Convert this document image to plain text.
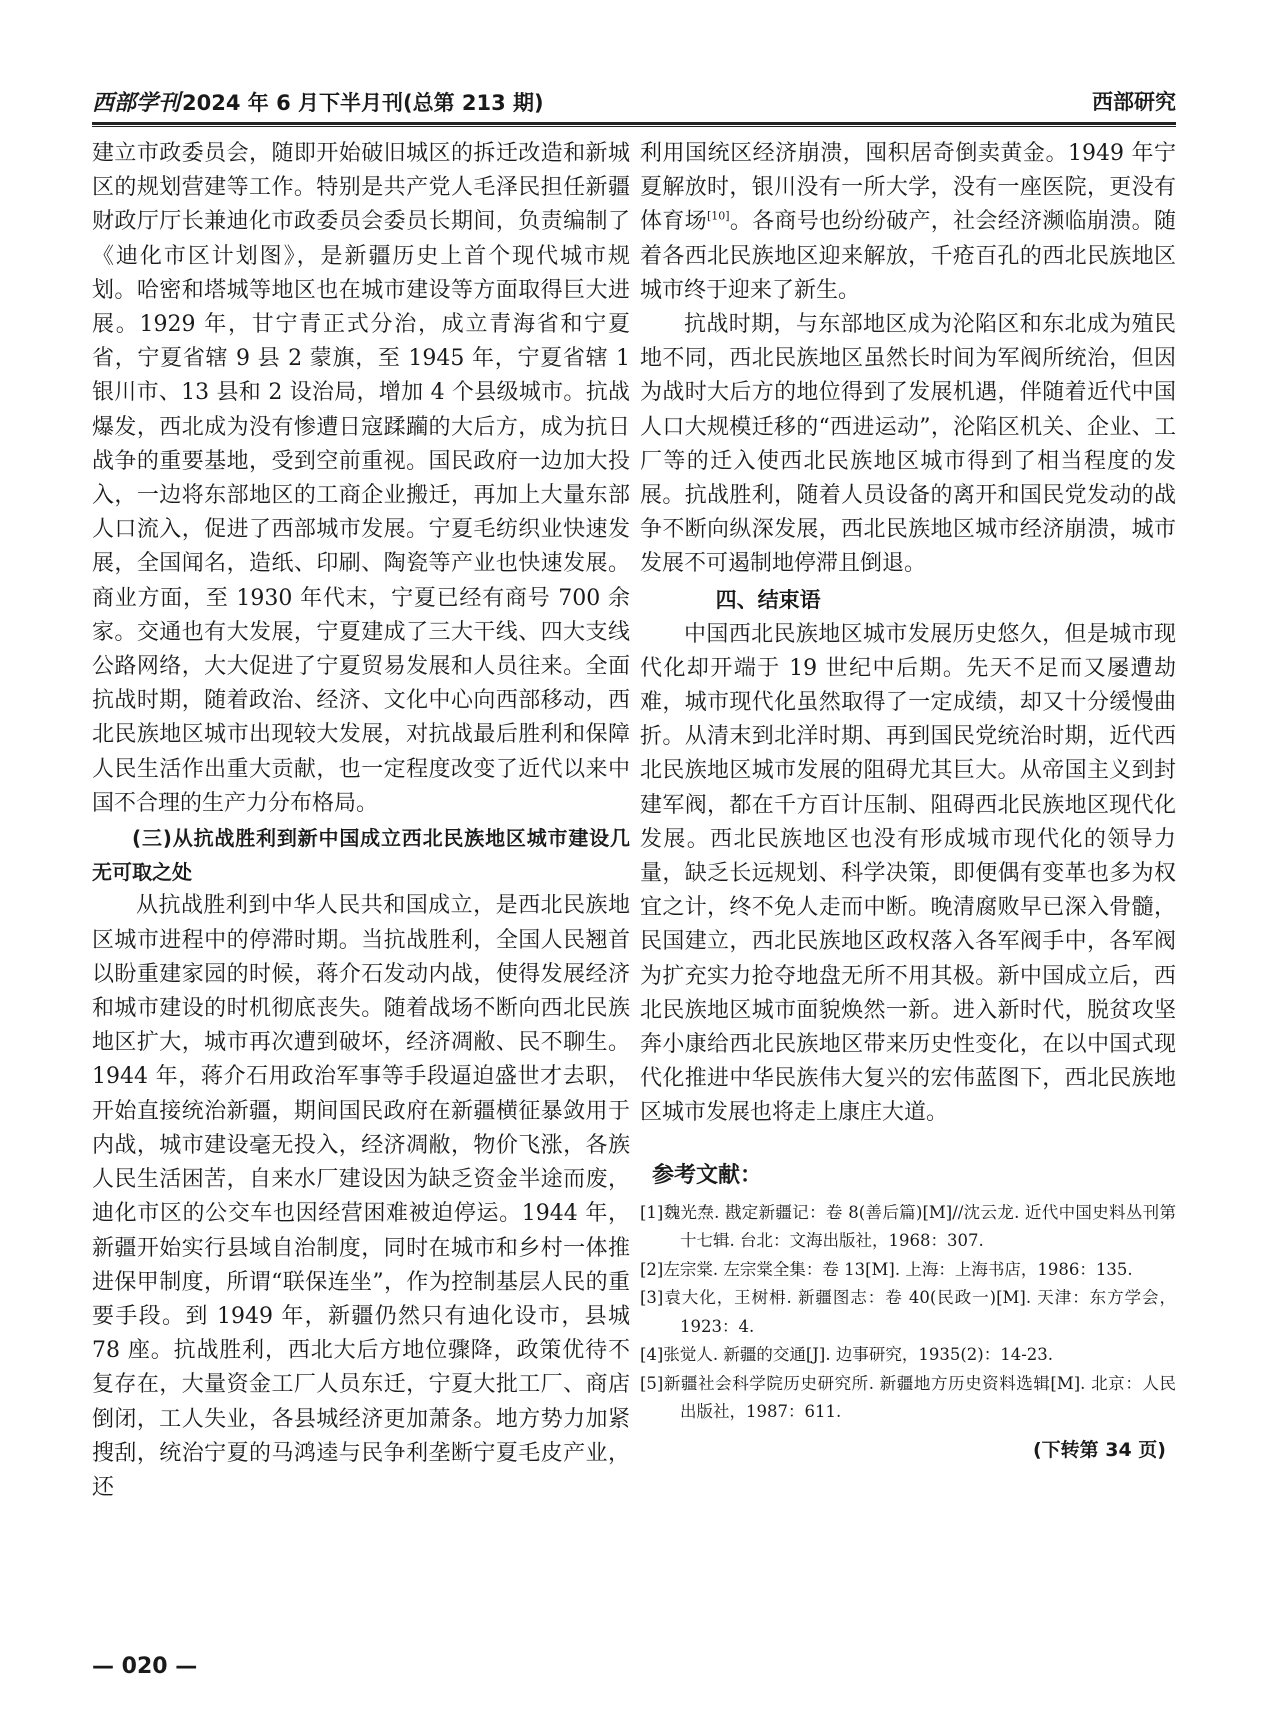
西部学刊2024 年 6 月下半月刊(总第 213 期)	西部研究

建立市政委员会，随即开始破旧城区的拆迁改造和新城区的规划营建等工作。特别是共产党人毛泽民担任新疆财政厅厅长兼迪化市政委员会委员长期间，负责编制了《迪化市区计划图》，是新疆历史上首个现代城市规划。哈密和塔城等地区也在城市建设等方面取得巨大进展。1929 年，甘宁青正式分治，成立青海省和宁夏省，宁夏省辖 9 县 2 蒙旗，至 1945 年，宁夏省辖 1 银川市、13 县和 2 设治局，增加 4 个县级城市。抗战爆发，西北成为没有惨遭日寇蹂躏的大后方，成为抗日战争的重要基地，受到空前重视。国民政府一边加大投入，一边将东部地区的工商企业搬迁，再加上大量东部人口流入，促进了西部城市发展。宁夏毛纺织业快速发展，全国闻名，造纸、印刷、陶瓷等产业也快速发展。商业方面，至 1930 年代末，宁夏已经有商号 700 余家。交通也有大发展，宁夏建成了三大干线、四大支线公路网络，大大促进了宁夏贸易发展和人员往来。全面抗战时期，随着政治、经济、文化中心向西部移动，西北民族地区城市出现较大发展，对抗战最后胜利和保障人民生活作出重大贡献，也一定程度改变了近代以来中国不合理的生产力分布格局。

(三)从抗战胜利到新中国成立西北民族地区城市建设几无可取之处

从抗战胜利到中华人民共和国成立，是西北民族地区城市进程中的停滞时期。当抗战胜利，全国人民翘首以盼重建家园的时候，蒋介石发动内战，使得发展经济和城市建设的时机彻底丧失。随着战场不断向西北民族地区扩大，城市再次遭到破坏，经济凋敝、民不聊生。1944 年，蒋介石用政治军事等手段逼迫盛世才去职，开始直接统治新疆，期间国民政府在新疆横征暴敛用于内战，城市建设毫无投入，经济凋敝，物价飞涨，各族人民生活困苦，自来水厂建设因为缺乏资金半途而废，迪化市区的公交车也因经营困难被迫停运。1944 年，新疆开始实行县域自治制度，同时在城市和乡村一体推进保甲制度，所谓“联保连坐”，作为控制基层人民的重要手段。到 1949 年，新疆仍然只有迪化设市，县城 78 座。抗战胜利，西北大后方地位骤降，政策优待不复存在，大量资金工厂人员东迁，宁夏大批工厂、商店倒闭，工人失业，各县城经济更加萧条。地方势力加紧搜刮，统治宁夏的马鸿逵与民争利垄断宁夏毛皮产业，还

利用国统区经济崩溃，囤积居奇倒卖黄金。1949 年宁夏解放时，银川没有一所大学，没有一座医院，更没有体育场[10]。各商号也纷纷破产，社会经济濒临崩溃。随着各西北民族地区迎来解放，千疮百孔的西北民族地区城市终于迎来了新生。

抗战时期，与东部地区成为沦陷区和东北成为殖民地不同，西北民族地区虽然长时间为军阀所统治，但因为战时大后方的地位得到了发展机遇，伴随着近代中国人口大规模迁移的“西进运动”，沦陷区机关、企业、工厂等的迁入使西北民族地区城市得到了相当程度的发展。抗战胜利，随着人员设备的离开和国民党发动的战争不断向纵深发展，西北民族地区城市经济崩溃，城市发展不可遏制地停滞且倒退。

四、结束语

中国西北民族地区城市发展历史悠久，但是城市现代化却开端于 19 世纪中后期。先天不足而又屡遭劫难，城市现代化虽然取得了一定成绩，却又十分缓慢曲折。从清末到北洋时期、再到国民党统治时期，近代西北民族地区城市发展的阻碍尤其巨大。从帝国主义到封建军阀，都在千方百计压制、阻碍西北民族地区现代化发展。西北民族地区也没有形成城市现代化的领导力量，缺乏长远规划、科学决策，即便偶有变革也多为权宜之计，终不免人走而中断。晚清腐败早已深入骨髓，民国建立，西北民族地区政权落入各军阀手中，各军阀为扩充实力抢夺地盘无所不用其极。新中国成立后，西北民族地区城市面貌焕然一新。进入新时代，脱贫攻坚奔小康给西北民族地区带来历史性变化，在以中国式现代化推进中华民族伟大复兴的宏伟蓝图下，西北民族地区城市发展也将走上康庄大道。

参考文献：
[1]魏光焘. 戡定新疆记：卷 8(善后篇)[M]//沈云龙. 近代中国史料丛刊第十七辑. 台北：文海出版社，1968：307.
[2]左宗棠. 左宗棠全集：卷 13[M]. 上海：上海书店，1986：135.
[3]袁大化，王树枏. 新疆图志：卷 40(民政一)[M]. 天津：东方学会，1923：4.
[4]张觉人. 新疆的交通[J]. 边事研究，1935(2)：14-23.
[5]新疆社会科学院历史研究所. 新疆地方历史资料选辑[M]. 北京：人民出版社，1987：611.
(下转第 34 页)
— 020 —
